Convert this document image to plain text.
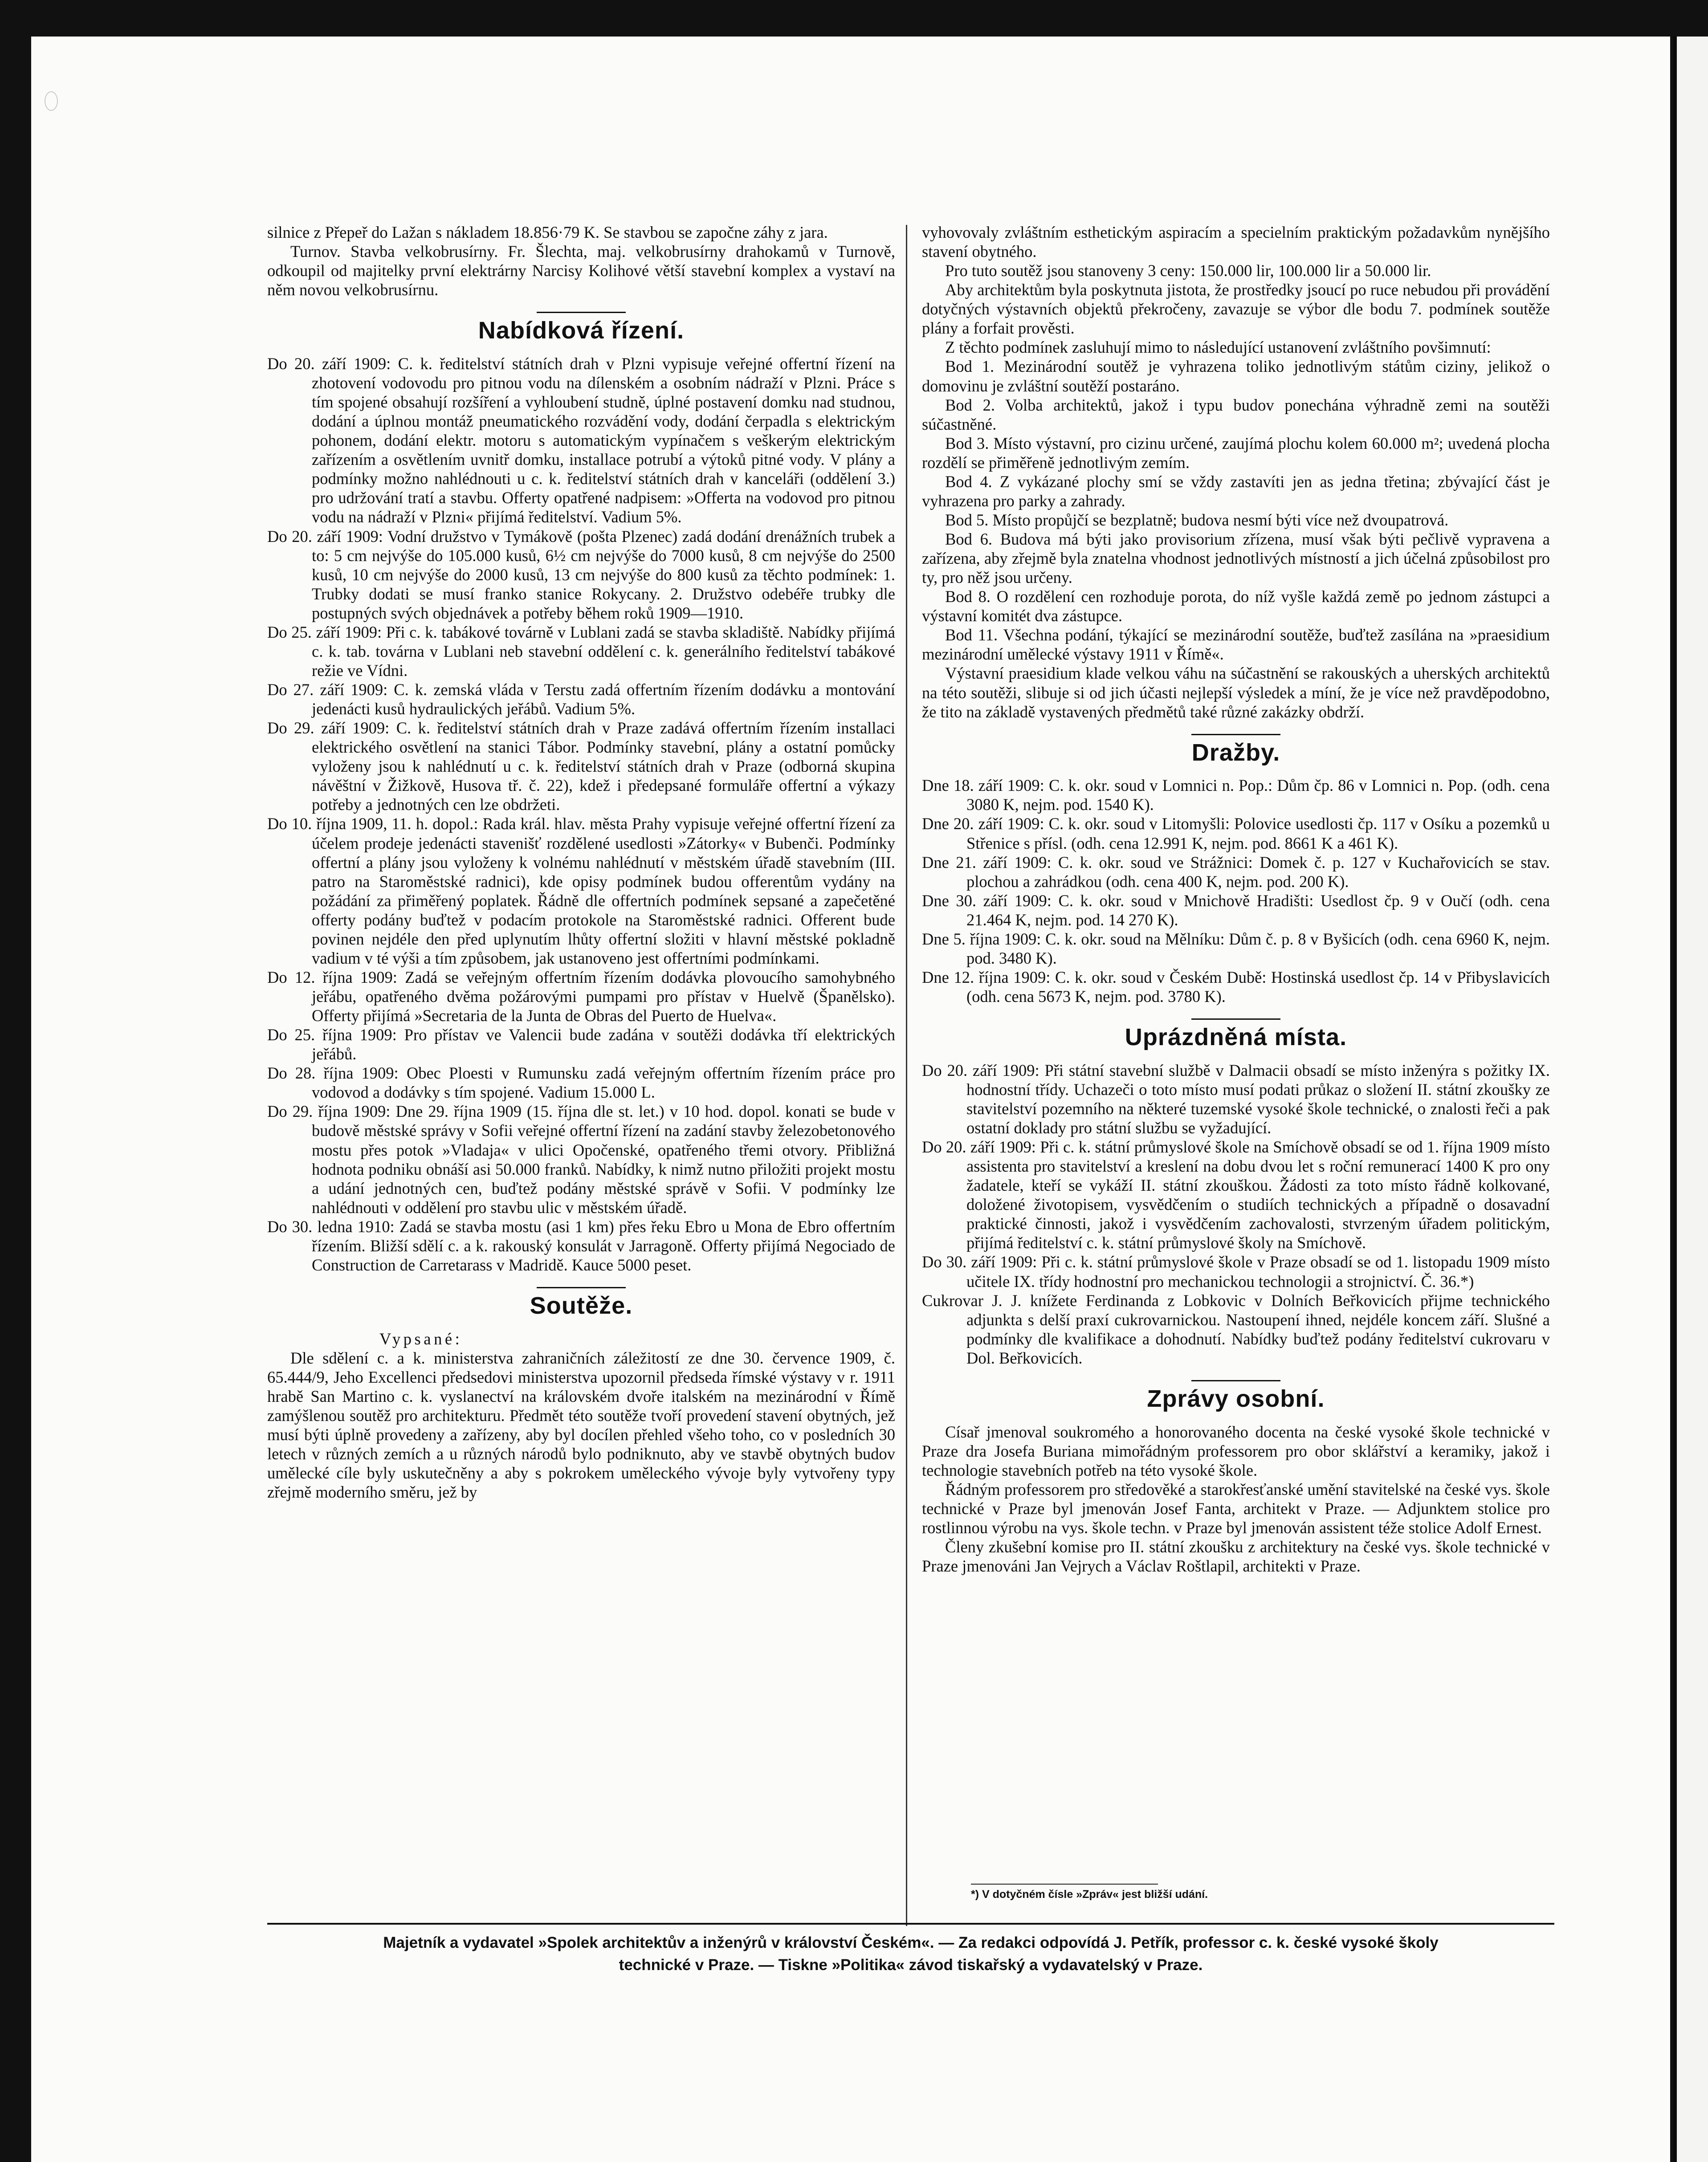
silnice z Přepeř do Lažan s nákladem 18.856·79 K. Se stavbou se započne záhy z jara.

Turnov. Stavba velkobrusírny. Fr. Šlechta, maj. velkobrusírny drahokamů v Turnově, odkoupil od majitelky první elektrárny Narcisy Kolihové větší stavební komplex a vystaví na něm novou velkobrusírnu.

Nabídková řízení.

Do 20. září 1909: C. k. ředitelství státních drah v Plzni vypisuje veřejné offertní řízení na zhotovení vodovodu pro pitnou vodu na dílenském a osobním nádraží v Plzni. Práce s tím spojené obsahují rozšíření a vyhloubení studně, úplné postavení domku nad studnou, dodání a úplnou montáž pneumatického rozvádění vody, dodání čerpadla s elektrickým pohonem, dodání elektr. motoru s automatickým vypínačem s veškerým elektrickým zařízením a osvětlením uvnitř domku, installace potrubí a výtoků pitné vody. V plány a podmínky možno nahlédnouti u c. k. ředitelství státních drah v kanceláři (oddělení 3.) pro udržování tratí a stavbu. Offerty opatřené nadpisem: »Offerta na vodovod pro pitnou vodu na nádraží v Plzni« přijímá ředitelství. Vadium 5%.

Do 20. září 1909: Vodní družstvo v Tymákově (pošta Plzenec) zadá dodání drenážních trubek a to: 5 cm nejvýše do 105.000 kusů, 6½ cm nejvýše do 7000 kusů, 8 cm nejvýše do 2500 kusů, 10 cm nejvýše do 2000 kusů, 13 cm nejvýše do 800 kusů za těchto podmínek: 1. Trubky dodati se musí franko stanice Rokycany. 2. Družstvo odebéře trubky dle postupných svých objednávek a potřeby během roků 1909—1910.

Do 25. září 1909: Při c. k. tabákové továrně v Lublani zadá se stavba skladiště. Nabídky přijímá c. k. tab. továrna v Lublani neb stavební oddělení c. k. generálního ředitelství tabákové režie ve Vídni.

Do 27. září 1909: C. k. zemská vláda v Terstu zadá offertním řízením dodávku a montování jedenácti kusů hydraulických jeřábů. Vadium 5%.

Do 29. září 1909: C. k. ředitelství státních drah v Praze zadává offertním řízením installaci elektrického osvětlení na stanici Tábor. Podmínky stavební, plány a ostatní pomůcky vyloženy jsou k nahlédnutí u c. k. ředitelství státních drah v Praze (odborná skupina návěštní v Žižkově, Husova tř. č. 22), kdež i předepsané formuláře offertní a výkazy potřeby a jednotných cen lze obdržeti.

Do 10. října 1909, 11. h. dopol.: Rada král. hlav. města Prahy vypisuje veřejné offertní řízení za účelem prodeje jedenácti stavenišť rozdělené usedlosti »Zátorky« v Bubenči. Podmínky offertní a plány jsou vyloženy k volnému nahlédnutí v městském úřadě stavebním (III. patro na Staroměstské radnici), kde opisy podmínek budou offerentům vydány na požádání za přiměřený poplatek. Řádně dle offertních podmínek sepsané a zapečetěné offerty podány buďtež v podacím protokole na Staroměstské radnici. Offerent bude povinen nejdéle den před uplynutím lhůty offertní složiti v hlavní městské pokladně vadium v té výši a tím způsobem, jak ustanoveno jest offertními podmínkami.

Do 12. října 1909: Zadá se veřejným offertním řízením dodávka plovoucího samohybného jeřábu, opatřeného dvěma požárovými pumpami pro přístav v Huelvě (Španělsko). Offerty přijímá »Secretaria de la Junta de Obras del Puerto de Huelva«.

Do 25. října 1909: Pro přístav ve Valencii bude zadána v soutěži dodávka tří elektrických jeřábů.

Do 28. října 1909: Obec Ploesti v Rumunsku zadá veřejným offertním řízením práce pro vodovod a dodávky s tím spojené. Vadium 15.000 L.

Do 29. října 1909: Dne 29. října 1909 (15. října dle st. let.) v 10 hod. dopol. konati se bude v budově městské správy v Sofii veřejné offertní řízení na zadání stavby železobetonového mostu přes potok »Vladaja« v ulici Opočenské, opatřeného třemi otvory. Přibližná hodnota podniku obnáší asi 50.000 franků. Nabídky, k nimž nutno přiložiti projekt mostu a udání jednotných cen, buďtež podány městské správě v Sofii. V podmínky lze nahlédnouti v oddělení pro stavbu ulic v městském úřadě.

Do 30. ledna 1910: Zadá se stavba mostu (asi 1 km) přes řeku Ebro u Mona de Ebro offertním řízením. Bližší sdělí c. a k. rakouský konsulát v Jarragoně. Offerty přijímá Negociado de Construction de Carretarass v Madridě. Kauce 5000 peset.

Soutěže.

Vypsané:

Dle sdělení c. a k. ministerstva zahraničních záležitostí ze dne 30. července 1909, č. 65.444/9, Jeho Excellenci předsedovi ministerstva upozornil předseda římské výstavy v r. 1911 hrabě San Martino c. k. vyslanectví na královském dvoře italském na mezinárodní v Římě zamýšlenou soutěž pro architekturu. Předmět této soutěže tvoří provedení stavení obytných, jež musí býti úplně provedeny a zařízeny, aby byl docílen přehled všeho toho, co v posledních 30 letech v různých zemích a u různých národů bylo podniknuto, aby ve stavbě obytných budov umělecké cíle byly uskutečněny a aby s pokrokem uměleckého vývoje byly vytvořeny typy zřejmě moderního směru, jež by

vyhovovaly zvláštním esthetickým aspiracím a specielním praktickým požadavkům nynějšího stavení obytného.

Pro tuto soutěž jsou stanoveny 3 ceny: 150.000 lir, 100.000 lir a 50.000 lir.

Aby architektům byla poskytnuta jistota, že prostředky jsoucí po ruce nebudou při provádění dotyčných výstavních objektů překročeny, zavazuje se výbor dle bodu 7. podmínek soutěže plány a forfait prověsti.

Z těchto podmínek zasluhují mimo to následující ustanovení zvláštního povšimnutí:

Bod 1. Mezinárodní soutěž je vyhrazena toliko jednotlivým státům ciziny, jelikož o domovinu je zvláštní soutěží postaráno.

Bod 2. Volba architektů, jakož i typu budov ponechána výhradně zemi na soutěži súčastněné.

Bod 3. Místo výstavní, pro cizinu určené, zaujímá plochu kolem 60.000 m²; uvedená plocha rozdělí se přiměřeně jednotlivým zemím.

Bod 4. Z vykázané plochy smí se vždy zastavíti jen as jedna třetina; zbývající část je vyhrazena pro parky a zahrady.

Bod 5. Místo propůjčí se bezplatně; budova nesmí býti více než dvoupatrová.

Bod 6. Budova má býti jako provisorium zřízena, musí však býti pečlivě vypravena a zařízena, aby zřejmě byla znatelna vhodnost jednotlivých místností a jich účelná způsobilost pro ty, pro něž jsou určeny.

Bod 8. O rozdělení cen rozhoduje porota, do níž vyšle každá země po jednom zástupci a výstavní komitét dva zástupce.

Bod 11. Všechna podání, týkající se mezinárodní soutěže, buďtež zasílána na »praesidium mezinárodní umělecké výstavy 1911 v Římě«.

Výstavní praesidium klade velkou váhu na súčastnění se rakouských a uherských architektů na této soutěži, slibuje si od jich účasti nejlepší výsledek a míní, že je více než pravděpodobno, že tito na základě vystavených předmětů také různé zakázky obdrží.

Dražby.

Dne 18. září 1909: C. k. okr. soud v Lomnici n. Pop.: Dům čp. 86 v Lomnici n. Pop. (odh. cena 3080 K, nejm. pod. 1540 K).

Dne 20. září 1909: C. k. okr. soud v Litomyšli: Polovice usedlosti čp. 117 v Osíku a pozemků u Střenice s přísl. (odh. cena 12.991 K, nejm. pod. 8661 K a 461 K).

Dne 21. září 1909: C. k. okr. soud ve Strážnici: Domek č. p. 127 v Kuchařovicích se stav. plochou a zahrádkou (odh. cena 400 K, nejm. pod. 200 K).

Dne 30. září 1909: C. k. okr. soud v Mnichově Hradišti: Usedlost čp. 9 v Oučí (odh. cena 21.464 K, nejm. pod. 14 270 K).

Dne 5. října 1909: C. k. okr. soud na Mělníku: Dům č. p. 8 v Byšicích (odh. cena 6960 K, nejm. pod. 3480 K).

Dne 12. října 1909: C. k. okr. soud v Českém Dubě: Hostinská usedlost čp. 14 v Přibyslavicích (odh. cena 5673 K, nejm. pod. 3780 K).

Uprázdněná místa.

Do 20. září 1909: Při státní stavební službě v Dalmacii obsadí se místo inženýra s požitky IX. hodnostní třídy. Uchazeči o toto místo musí podati průkaz o složení II. státní zkoušky ze stavitelství pozemního na některé tuzemské vysoké škole technické, o znalosti řeči a pak ostatní doklady pro státní službu se vyžadující.

Do 20. září 1909: Při c. k. státní průmyslové škole na Smíchově obsadí se od 1. října 1909 místo assistenta pro stavitelství a kreslení na dobu dvou let s roční remunerací 1400 K pro ony žadatele, kteří se vykáží II. státní zkouškou. Žádosti za toto místo řádně kolkované, doložené životopisem, vysvědčením o studiích technických a případně o dosavadní praktické činnosti, jakož i vysvědčením zachovalosti, stvrzeným úřadem politickým, přijímá ředitelství c. k. státní průmyslové školy na Smíchově.

Do 30. září 1909: Při c. k. státní průmyslové škole v Praze obsadí se od 1. listopadu 1909 místo učitele IX. třídy hodnostní pro mechanickou technologii a strojnictví. Č. 36.*)

Cukrovar J. J. knížete Ferdinanda z Lobkovic v Dolních Beřkovicích přijme technického adjunkta s delší praxí cukrovarnickou. Nastoupení ihned, nejdéle koncem září. Slušné a podmínky dle kvalifikace a dohodnutí. Nabídky buďtež podány ředitelství cukrovaru v Dol. Beřkovicích.

Zprávy osobní.

Císař jmenoval soukromého a honorovaného docenta na české vysoké škole technické v Praze dra Josefa Buriana mimořádným professorem pro obor sklářství a keramiky, jakož i technologie stavebních potřeb na této vysoké škole.

Řádným professorem pro středověké a starokřesťanské umění stavitelské na české vys. škole technické v Praze byl jmenován Josef Fanta, architekt v Praze. — Adjunktem stolice pro rostlinnou výrobu na vys. škole techn. v Praze byl jmenován assistent téže stolice Adolf Ernest.

Členy zkušební komise pro II. státní zkoušku z architektury na české vys. škole technické v Praze jmenováni Jan Vejrych a Václav Roštlapil, architekti v Praze.

*) V dotyčném čísle »Zpráv« jest bližší udání.
Majetník a vydavatel »Spolek architektův a inženýrů v království Českém«. — Za redakci odpovídá J. Petřík, professor c. k. české vysoké školy
technické v Praze. — Tiskne »Politika« závod tiskařský a vydavatelský v Praze.
